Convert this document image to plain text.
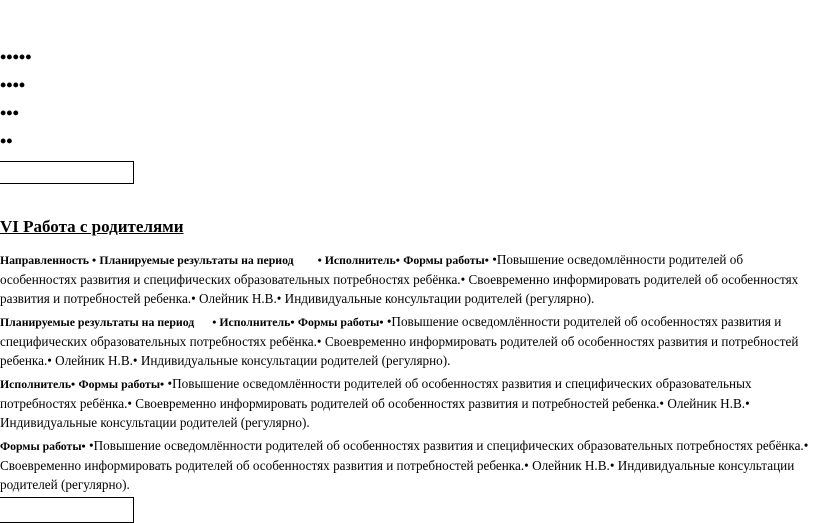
•••••
••••
•••
••
VI Работа с родителями

Направленность • Планируемые результаты на период • Исполнитель• Формы работы• •Повышение осведомлённости родителей об особенностях развития и специфических образовательных потребностях ребёнка.• Своевременно информировать родителей об особенностях развития и потребностей ребенка.• Олейник Н.В.• Индивидуальные консультации родителей (регулярно).

Планируемые результаты на период • Исполнитель• Формы работы• •Повышение осведомлённости родителей об особенностях развития и специфических образовательных потребностях ребёнка.• Своевременно информировать родителей об особенностях развития и потребностей ребенка.• Олейник Н.В.• Индивидуальные консультации родителей (регулярно).

Исполнитель• Формы работы• •Повышение осведомлённости родителей об особенностях развития и специфических образовательных потребностях ребёнка.• Своевременно информировать родителей об особенностях развития и потребностей ребенка.• Олейник Н.В.• Индивидуальные консультации родителей (регулярно).

Формы работы• •Повышение осведомлённости родителей об особенностях развития и специфических образовательных потребностях ребёнка.• Своевременно информировать родителей об особенностях развития и потребностей ребенка.• Олейник Н.В.• Индивидуальные консультации родителей (регулярно).
